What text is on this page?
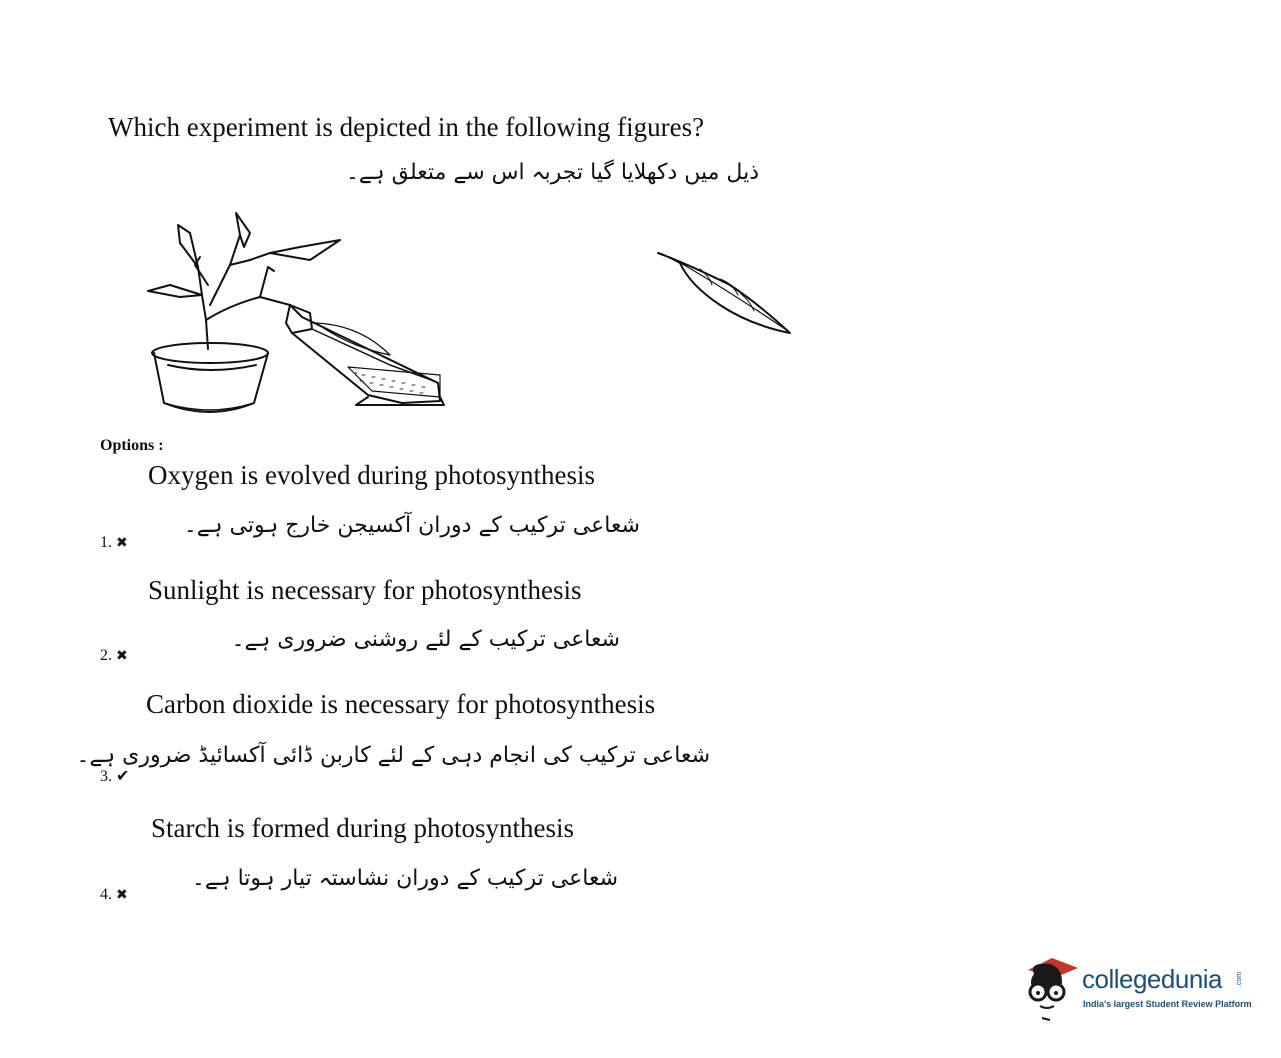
Which experiment is depicted in the following figures?
ذیل میں دکھلایا گیا تجربہ اس سے متعلق ہے۔
Options :
Oxygen is evolved during photosynthesis
شعاعی ترکیب کے دوران آکسیجن خارج ہوتی ہے۔
1. ✖
Sunlight is necessary for photosynthesis
شعاعی ترکیب کے لئے روشنی ضروری ہے۔
2. ✖
Carbon dioxide is necessary for photosynthesis
شعاعی ترکیب کی انجام دہی کے لئے کاربن ڈائی آکسائیڈ ضروری ہے۔
3. ✔
Starch is formed during photosynthesis
شعاعی ترکیب کے دوران نشاستہ تیار ہوتا ہے۔
4. ✖
collegedunia .com
India's largest Student Review Platform
